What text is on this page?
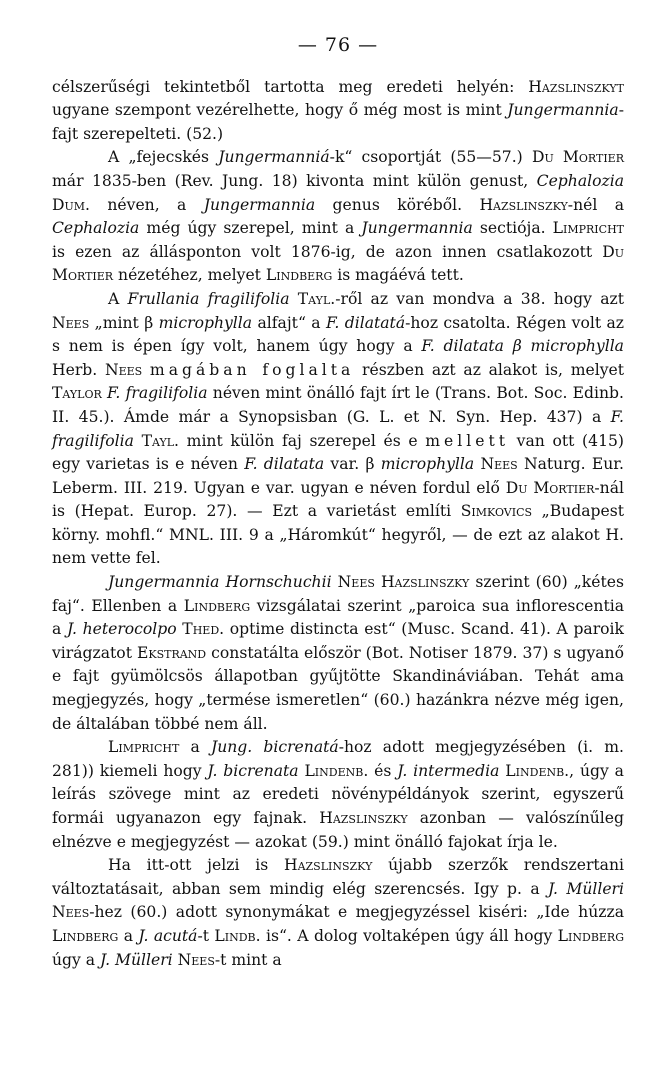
— 76 —

célszerűségi tekintetből tartotta meg eredeti helyén: Hazslinszkyt ugyane szempont vezérelhette, hogy ő még most is mint Jungermannia-fajt szerepelteti. (52.)

A „fejecskés Jungermanniá-k“ csoportját (55—57.) Du Mortier már 1835-ben (Rev. Jung. 18) kivonta mint külön genust, Cephalozia Dum. néven, a Jungermannia genus köréből. Hazslinszky-nél a Cephalozia még úgy szerepel, mint a Jungermannia sectiója. Limpricht is ezen az állásponton volt 1876-ig, de azon innen csatlakozott Du Mortier nézetéhez, melyet Lindberg is magáévá tett.

A Frullania fragilifolia Tayl.-ről az van mondva a 38. hogy azt Nees „mint β microphylla alfajt“ a F. dilatatá-hoz csatolta. Régen volt az s nem is épen így volt, hanem úgy hogy a F. dilatata β microphylla Herb. Nees magában foglalta részben azt az alakot is, melyet Taylor F. fragilifolia néven mint önálló fajt írt le (Trans. Bot. Soc. Edinb. II. 45.). Ámde már a Synopsisban (G. L. et N. Syn. Hep. 437) a F. fragilifolia Tayl. mint külön faj szerepel és e mellett van ott (415) egy varietas is e néven F. dilatata var. β microphylla Nees Naturg. Eur. Leberm. III. 219. Ugyan e var. ugyan e néven fordul elő Du Mortier-nál is (Hepat. Europ. 27). — Ezt a varietást említi Simkovics „Budapest körny. mohfl.“ MNL. III. 9 a „Háromkút“ hegyről, — de ezt az alakot H. nem vette fel.

Jungermannia Hornschuchii Nees Hazslinszky szerint (60) „kétes faj“. Ellenben a Lindberg vizsgálatai szerint „paroica sua inflorescentia a J. heterocolpo Thed. optime distincta est“ (Musc. Scand. 41). A paroik virágzatot Ekstrand constatálta először (Bot. Notiser 1879. 37) s ugyanő e fajt gyümölcsös állapotban gyűjtötte Skandináviában. Tehát ama megjegyzés, hogy „termése ismeretlen“ (60.) hazánkra nézve még igen, de általában többé nem áll.

Limpricht a Jung. bicrenatá-hoz adott megjegyzésében (i. m. 281)) kiemeli hogy J. bicrenata Lindenb. és J. intermedia Lindenb., úgy a leírás szövege mint az eredeti növénypéldányok szerint, egyszerű formái ugyanazon egy fajnak. Hazslinszky azonban — valószínűleg elnézve e megjegyzést — azokat (59.) mint önálló fajokat írja le.

Ha itt-ott jelzi is Hazslinszky újabb szerzők rendszertani változtatásait, abban sem mindig elég szerencsés. Igy p. a J. Mülleri Nees-hez (60.) adott synonymákat e megjegyzéssel kiséri: „Ide húzza Lindberg a J. acutá-t Lindb. is“. A dolog voltaképen úgy áll hogy Lindberg úgy a J. Mülleri Nees-t mint a
